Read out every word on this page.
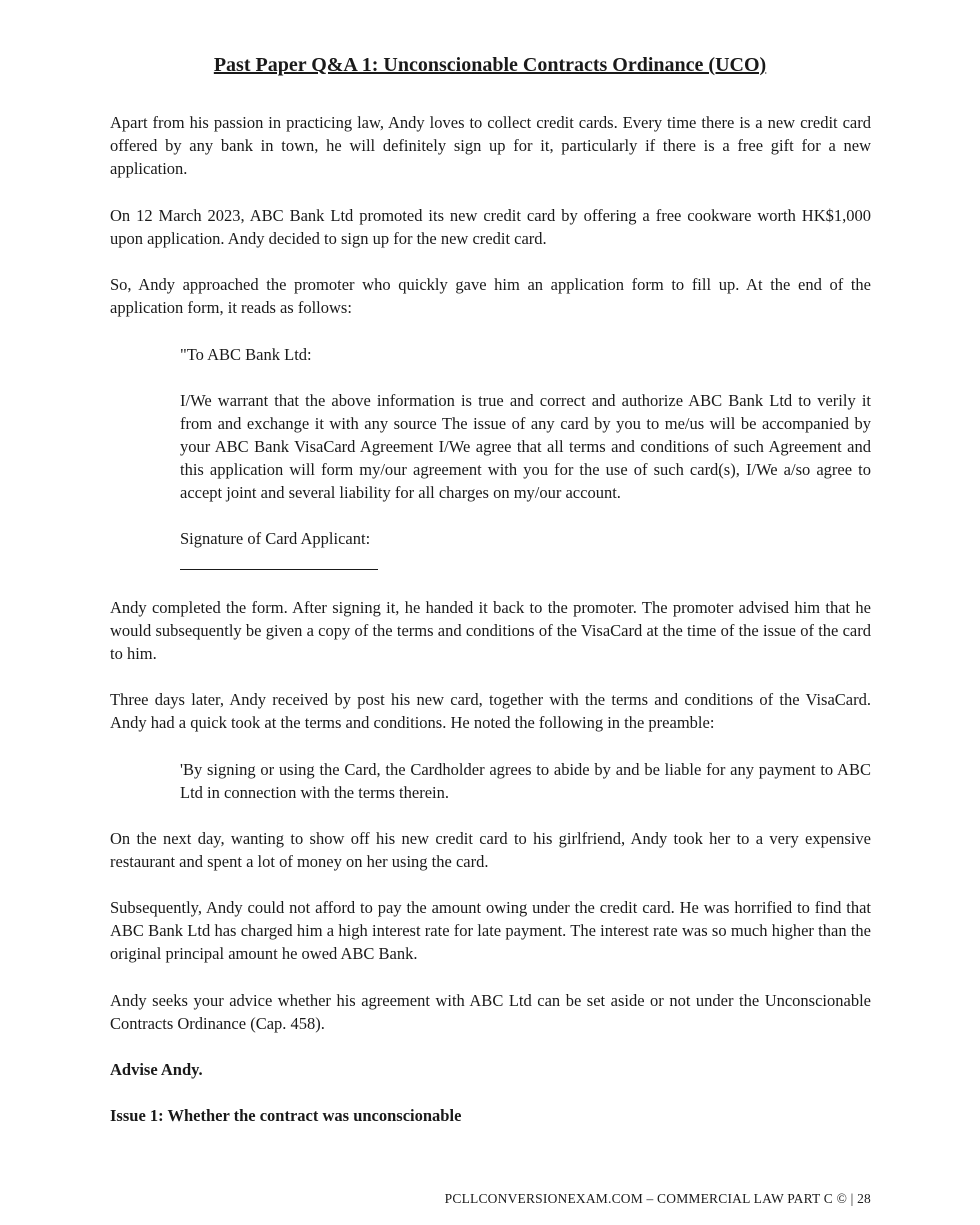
Past Paper Q&A 1: Unconscionable Contracts Ordinance (UCO)

Apart from his passion in practicing law, Andy loves to collect credit cards. Every time there is a new credit card offered by any bank in town, he will definitely sign up for it, particularly if there is a free gift for a new application.

On 12 March 2023, ABC Bank Ltd promoted its new credit card by offering a free cookware worth HK$1,000 upon application. Andy decided to sign up for the new credit card.

So, Andy approached the promoter who quickly gave him an application form to fill up. At the end of the application form, it reads as follows:

"To ABC Bank Ltd:

I/We warrant that the above information is true and correct and authorize ABC Bank Ltd to verily it from and exchange it with any source The issue of any card by you to me/us will be accompanied by your ABC Bank VisaCard Agreement I/We agree that all terms and conditions of such Agreement and this application will form my/our agreement with you for the use of such card(s), I/We a/so agree to accept joint and several liability for all charges on my/our account.

Signature of Card Applicant:

Andy completed the form. After signing it, he handed it back to the promoter. The promoter advised him that he would subsequently be given a copy of the terms and conditions of the VisaCard at the time of the issue of the card to him.

Three days later, Andy received by post his new card, together with the terms and conditions of the VisaCard. Andy had a quick took at the terms and conditions. He noted the following in the preamble:

'By signing or using the Card, the Cardholder agrees to abide by and be liable for any payment to ABC Ltd in connection with the terms therein.

On the next day, wanting to show off his new credit card to his girlfriend, Andy took her to a very expensive restaurant and spent a lot of money on her using the card.

Subsequently, Andy could not afford to pay the amount owing under the credit card. He was horrified to find that ABC Bank Ltd has charged him a high interest rate for late payment. The interest rate was so much higher than the original principal amount he owed ABC Bank.

Andy seeks your advice whether his agreement with ABC Ltd can be set aside or not under the Unconscionable Contracts Ordinance (Cap. 458).

Advise Andy.

Issue 1: Whether the contract was unconscionable

PCLLCONVERSIONEXAM.COM – COMMERCIAL LAW PART C © | 28
